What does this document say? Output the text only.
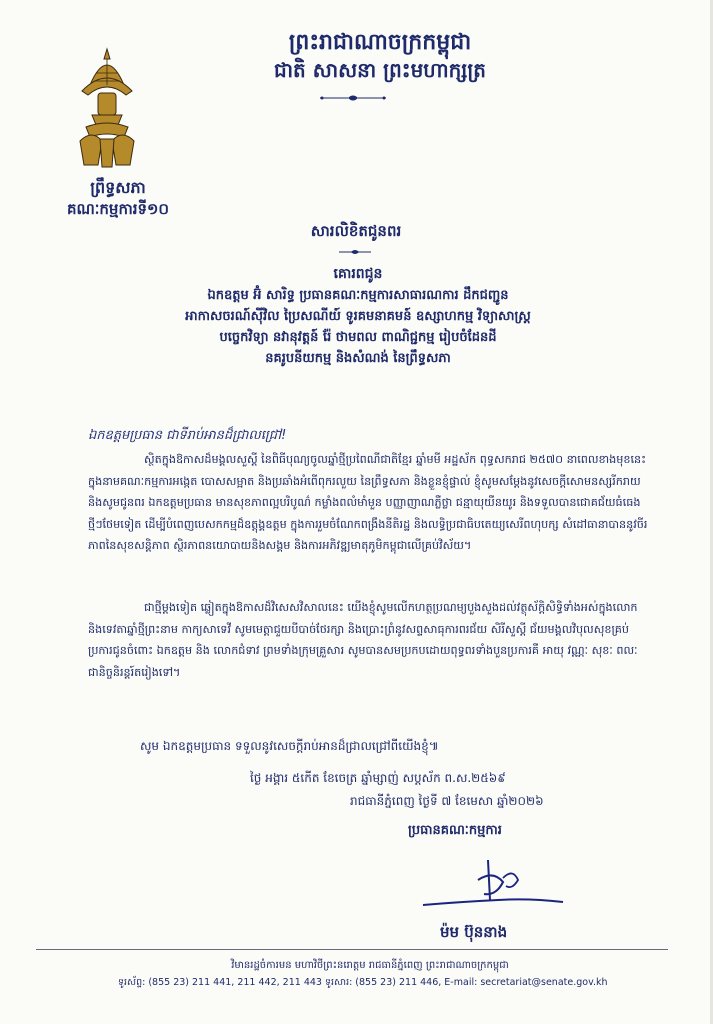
ព្រឹទ្ធសភា
គណៈកម្មការទី១០
ព្រះរាជាណាចក្រកម្ពុជា
ជាតិ សាសនា ព្រះមហាក្សត្រ
សារលិខិតជូនពរ
គោរពជូន
ឯកឧត្តម អ៊ំ សារិទ្ធ ប្រធានគណៈកម្មការសាធារណការ ដឹកជញ្ជូន
អាកាសចរណ៍ស៊ីវិល ប្រៃសណីយ៍ ទូរគមនាគមន៍ ឧស្សាហកម្ម វិទ្យាសាស្ត្រ
បច្ចេកវិទ្យា នវានុវត្តន៍ រ៉ែ ថាមពល ពាណិជ្ជកម្ម រៀបចំដែនដី
នគរូបនីយកម្ម និងសំណង់ នៃព្រឹទ្ធសភា
ឯកឧត្តមប្រធាន ជាទីរាប់អានដ៏ជ្រាលជ្រៅ!
ស្ថិតក្នុងឱកាសដ៏មង្គលសួស្តី នៃពិធីបុណ្យចូលឆ្នាំថ្មីប្រពៃណីជាតិខ្មែរ ឆ្នាំមមី អដ្ឋស័ក ពុទ្ធសករាជ ២៥៧០ នាពេលខាងមុខនេះ ក្នុងនាមគណៈកម្មការអង្កេត បោសសម្អាត និងប្រឆាំងអំពើពុករលួយ នៃព្រឹទ្ធសភា និងខ្លួនខ្ញុំផ្ទាល់ ខ្ញុំសូមសម្តែងនូវសេចក្តីសោមនស្សរីករាយ និងសូមជូនពរ ឯកឧត្តមប្រធាន មានសុខភាពល្អបរិបូណ៌ កម្លាំងពលំមាំមួន បញ្ញាញាណភ្លឺថ្លា ជន្មាយុយឺនយូរ និងទទួលបានជោគជ័យធំធេងថ្មីៗថែមទៀត ដើម្បីបំពេញបេសកកម្មដ៏ឧត្តុង្គឧត្តម ក្នុងការរួមចំណែកពង្រឹងនីតិរដ្ឋ និងលទ្ធិប្រជាធិបតេយ្យសេរីពហុបក្ស សំដៅធានាបាននូវចីរភាពនៃសុខសន្តិភាព ស្ថិរភាពនយោបាយនិងសង្គម និងការអភិវឌ្ឍមាតុភូមិកម្ពុជាលើគ្រប់វិស័យ។
ជាថ្មីម្តងទៀត ឆ្លៀតក្នុងឱកាសដ៏វិសេសវិសាលនេះ យើងខ្ញុំសូមលើកហត្ថប្រណម្យបួងសួងដល់វត្ថុស័ក្តិសិទ្ធិទាំងអស់ក្នុងលោក និងទេវតាឆ្នាំថ្មីព្រះនាម កាក្យសាទេវី សូមមេត្តាជួយបីបាច់ថែរក្សា និងប្រោះព្រំនូវសព្ទសាធុការពរជ័យ សិរីសួស្តី ជ័យមង្គលវិបុលសុខគ្រប់ប្រការជូនចំពោះ ឯកឧត្តម និង លោកជំទាវ ព្រមទាំងក្រុមគ្រួសារ សូមបានសមប្រកបដោយពុទ្ធពរទាំងបួនប្រការគឺ អាយុ វណ្ណៈ សុខៈ ពលៈ ជានិច្ចនិរន្តរ៍តរៀងទៅ។
សូម ឯកឧត្តមប្រធាន ទទួលនូវសេចក្តីរាប់អានដ៏ជ្រាលជ្រៅពីយើងខ្ញុំ៕
ថ្ងៃ អង្គារ ៥កើត ខែចេត្រ ឆ្នាំម្សាញ់ សប្តស័ក ព.ស.២៥៦៩
រាជធានីភ្នំពេញ ថ្ងៃទី ៧ ខែមេសា ឆ្នាំ២០២៦
ប្រធានគណៈកម្មការ
ម៉ម ប៊ុននាង
វិមានរដ្ឋចំការមន មហាវិថីព្រះនរោត្តម រាជធានីភ្នំពេញ ព្រះរាជាណាចក្រកម្ពុជា
ទូរស័ព្ទ: (855 23) 211 441, 211 442, 211 443 ទូរសារ: (855 23) 211 446, E-mail: secretariat@senate.gov.kh
